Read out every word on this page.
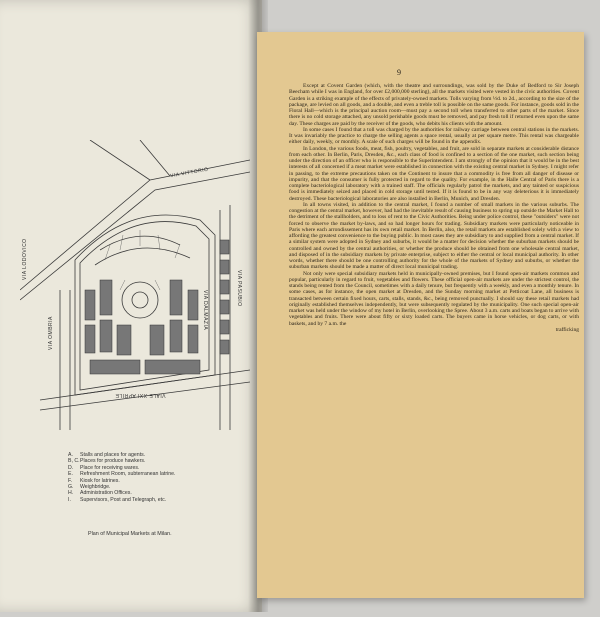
VIA LODOVICO
VIA OMBRIA
VIALE XXI APRILE
VIA DALMAZIA
VIA PASUBIO
VIA VITTORIO
A.	Stalls and places for agents.
B, C. Places for produce hawkers.
D.	Place for receiving wares.
E.	Refreshment Room, subterranean latrine.
F.	Kiosk for latrines.
G.	Weighbridge.
H.	Administration Offices.
I.	Supervisors, Post and Telegraph, etc.
Plan of Municipal Markets at Milan.
9

Except at Covent Garden (which, with the theatre and surroundings, was sold by the Duke of Bedford to Sir Joseph Beecham while I was in England, for over £2,000,000 sterling), all the markets visited were vested in the civic authorities. Covent Garden is a striking example of the effects of privately-owned markets. Tolls varying from ½d. to 2d., according to the size of the package, are levied on all goods, and a double, and even a treble toll is possible on the same goods. For instance, goods sold in the Floral Hall—which is the principal auction room—must pay a second toll when transferred to other parts of the market. Since there is no cold storage attached, any unsold perishable goods must be removed, and pay fresh toll if returned even upon the same day. These charges are paid by the receiver of the goods, who debits his clients with the amount.

In some cases I found that a toll was charged by the authorities for railway carriage between central stations in the markets. It was invariably the practice to charge the selling agents a space rental, usually at per square metre. This rental was chargeable either daily, weekly, or monthly. A scale of such charges will be found in the appendix.

In London, the various foods, meat, fish, poultry, vegetables, and fruit, are sold in separate markets at considerable distance from each other. In Berlin, Paris, Dresden, &c., each class of food is confined to a section of the one market, such section being under the direction of an officer who is responsible to the Superintendent. I am strongly of the opinion that it would be in the best interests of all concerned if a meat market were established in connection with the existing central market in Sydney. I might refer in passing, to the extreme precautions taken on the Continent to insure that a commodity is free from all danger of disease or impurity, and that the consumer is fully protected in regard to the quality. For example, in the Halle Central of Paris there is a complete bacteriological laboratory with a trained staff. The officials regularly patrol the markets, and any tainted or suspicious food is immediately seized and placed in cold storage until tested. If it is found to be in any way deleterious it is immediately destroyed. These bacteriological laboratories are also installed in Berlin, Munich, and Dresden.

In all towns visited, in addition to the central market, I found a number of small markets in the various suburbs. The congestion at the central market, however, had had the inevitable result of causing business to spring up outside the Market Hall to the detriment of the stallholders, and to loss of rent to the Civic Authorities. Being under police control, these "outsiders" were not forced to observe the market by-laws, and so had longer hours for trading. Subsidiary markets were particularly noticeable in Paris where each arrondissement has its own retail market. In Berlin, also, the retail markets are established solely with a view to affording the greatest convenience to the buying public. In most cases they are subsidiary to and supplied from a central market. If a similar system were adopted in Sydney and suburbs, it would be a matter for decision whether the suburban markets should be controlled and owned by the central authorities, or whether the produce should be obtained from one wholesale central market, and disposed of in the subsidiary markets by private enterprise, subject to either the central or local municipal authority. In other words, whether there should be one controlling authority for the whole of the markets of Sydney and suburbs, or whether the suburban markets should be made a matter of direct local municipal trading.

Not only were special subsidiary markets held in municipally-owned premises, but I found open-air markets common and popular, particularly in regard to fruit, vegetables and flowers. These official open-air markets are under the strictest control, the stands being rented from the Council, sometimes with a daily tenure, but frequently with a weekly, and even a monthly tenure. In some cases, as for instance, the open market at Dresden, and the Sunday morning market at Petticoat Lane, all business is transacted between certain fixed hours, carts, stalls, stands, &c., being removed punctually. I should say these retail markets had originally established themselves independently, but were subsequently regulated by the municipality. One such special open-air market was held under the window of my hotel in Berlin, overlooking the Spree. About 3 a.m. carts and boats began to arrive with vegetables and fruits. There were about fifty or sixty loaded carts. The buyers came in horse vehicles, or dog carts, or with baskets, and by 7 a.m. the

trafficking
